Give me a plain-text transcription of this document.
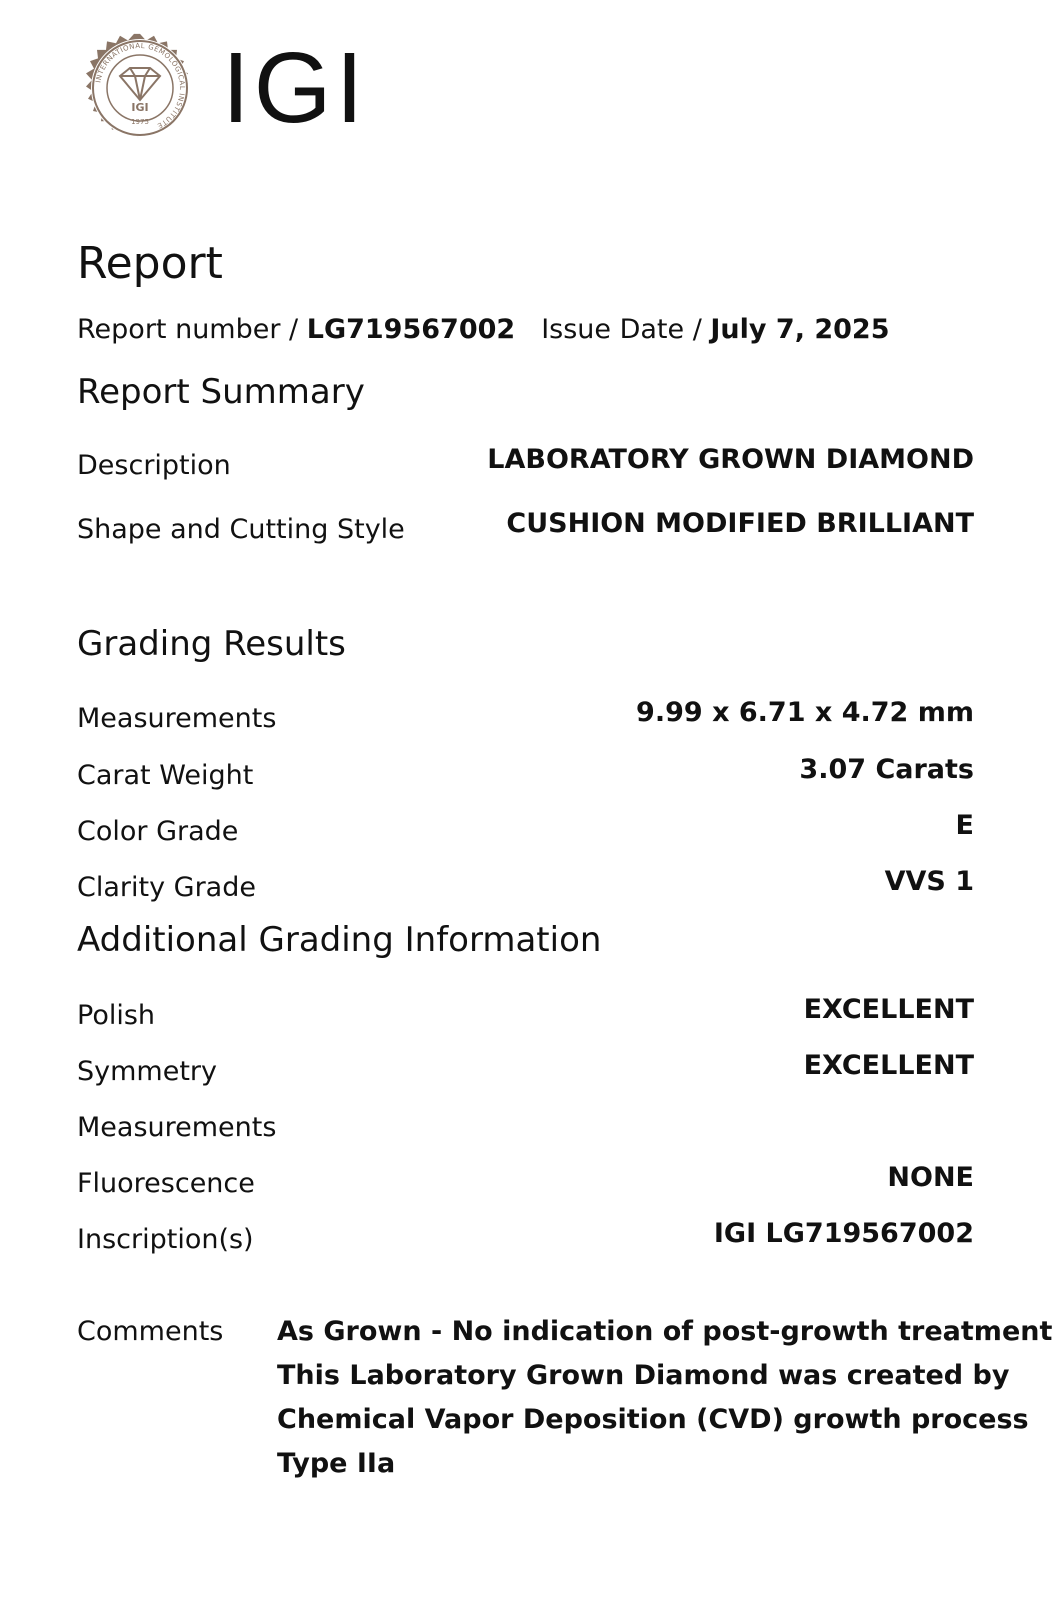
INTERNATIONAL GEMOLOGICAL INSTITUTE
IGI
1975 IGI
Report
Report number / LG719567002 Issue Date / July 7, 2025
Report Summary
Description	LABORATORY GROWN DIAMOND
Shape and Cutting Style	CUSHION MODIFIED BRILLIANT
Grading Results
Measurements	9.99 x 6.71 x 4.72 mm
Carat Weight	3.07 Carats
Color Grade	E
Clarity Grade	VVS 1
Additional Grading Information
Polish	EXCELLENT
Symmetry	EXCELLENT
Measurements
Fluorescence	NONE
Inscription(s)	IGI LG719567002
Comments As Grown - No indication of post-growth treatment
This Laboratory Grown Diamond was created by
Chemical Vapor Deposition (CVD) growth process
Type IIa
